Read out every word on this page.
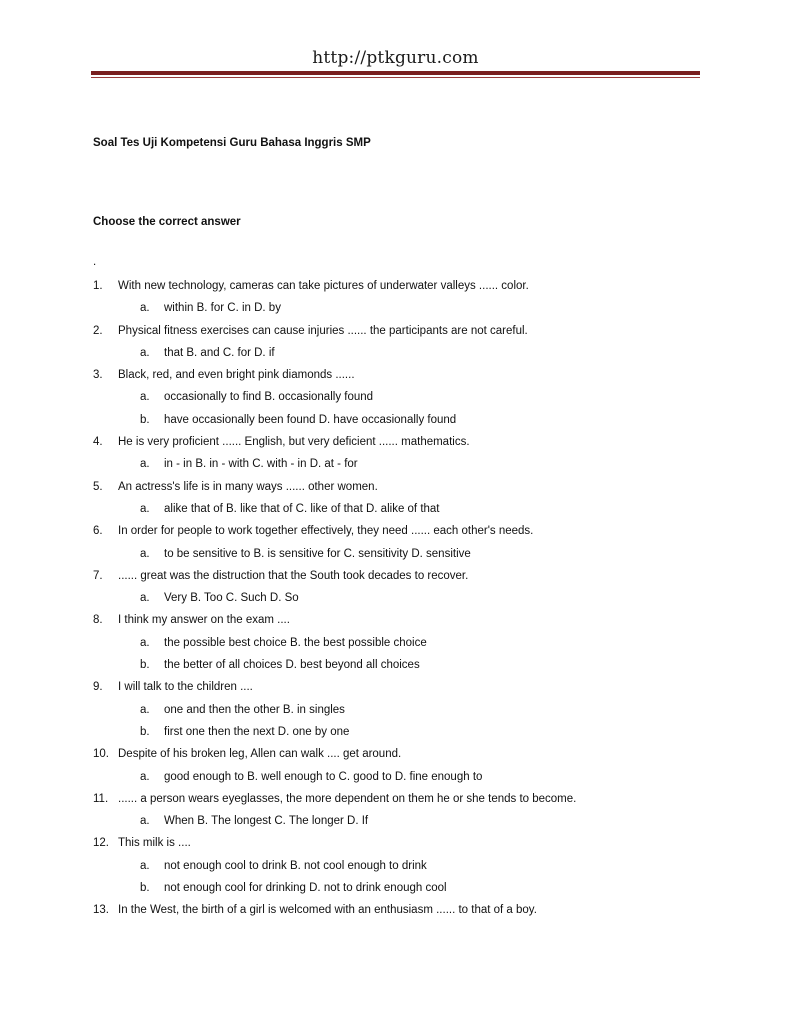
http://ptkguru.com
Soal Tes Uji Kompetensi Guru Bahasa Inggris SMP
Choose the correct answer
.
1. With new technology, cameras can take pictures of underwater valleys ...... color.
a. within B. for C. in D. by
2. Physical fitness exercises can cause injuries ...... the participants are not careful.
a. that B. and C. for D. if
3. Black, red, and even bright pink diamonds ......
a. occasionally to find B. occasionally found
b. have occasionally been found D. have occasionally found
4. He is very proficient ...... English, but very deficient ...... mathematics.
a. in - in B. in - with C. with - in D. at - for
5. An actress's life is in many ways ...... other women.
a. alike that of B. like that of C. like of that D. alike of that
6. In order for people to work together effectively, they need ...... each other's needs.
a. to be sensitive to B. is sensitive for C. sensitivity D. sensitive
7. ...... great was the distruction that the South took decades to recover.
a. Very B. Too C. Such D. So
8. I think my answer on the exam ....
a. the possible best choice B. the best possible choice
b. the better of all choices D. best beyond all choices
9. I will talk to the children ....
a. one and then the other B. in singles
b. first one then the next D. one by one
10. Despite of his broken leg, Allen can walk .... get around.
a. good enough to B. well enough to C. good to D. fine enough to
11. ...... a person wears eyeglasses, the more dependent on them he or she tends to become.
a. When B. The longest C. The longer D. If
12. This milk is ....
a. not enough cool to drink B. not cool enough to drink
b. not enough cool for drinking D. not to drink enough cool
13. In the West, the birth of a girl is welcomed with an enthusiasm ...... to that of a boy.
